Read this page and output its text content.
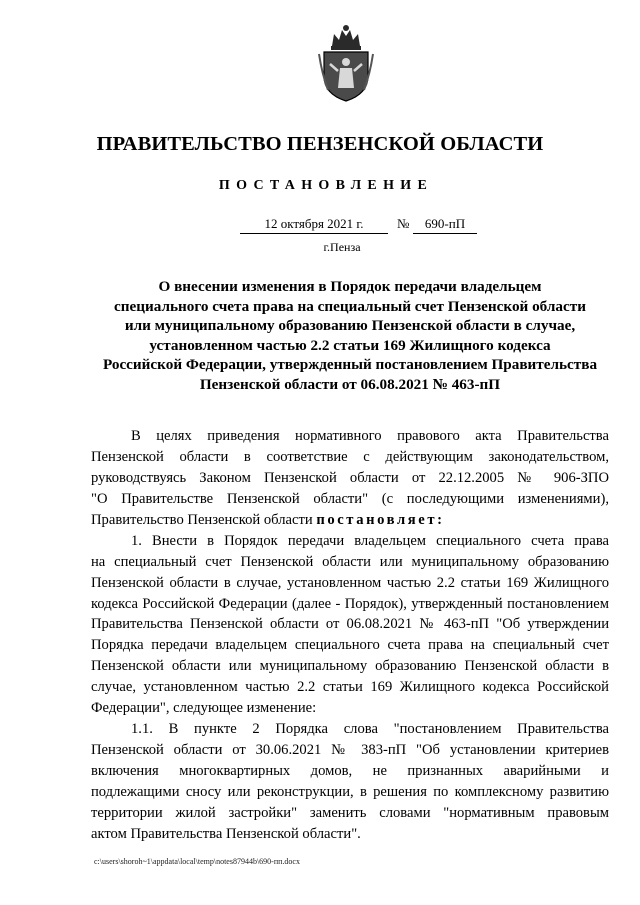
ПРАВИТЕЛЬСТВО ПЕНЗЕНСКОЙ ОБЛАСТИ
ПОСТАНОВЛЕНИЕ
12 октября 2021 г.	№	690-пП
г.Пенза
О внесении изменения в Порядок передачи владельцем
специального счета права на специальный счет Пензенской области
или муниципальному образованию Пензенской области в случае,
установленном частью 2.2 статьи 169 Жилищного кодекса
Российской Федерации, утвержденный постановлением Правительства
Пензенской области от 06.08.2021 № 463-пП
В целях приведения нормативного правового акта Правительства
Пензенской области в соответствие с действующим законодательством,
руководствуясь Законом Пензенской области от 22.12.2005 № 906-ЗПО
"О Правительстве Пензенской области" (с последующими изменениями),
Правительство Пензенской области постановляет:
1. Внести в Порядок передачи владельцем специального счета права
на специальный счет Пензенской области или муниципальному образованию
Пензенской области в случае, установленном частью 2.2 статьи 169 Жилищного
кодекса Российской Федерации (далее - Порядок), утвержденный постановлением
Правительства Пензенской области от 06.08.2021 № 463-пП "Об утверждении
Порядка передачи владельцем специального счета права на специальный счет
Пензенской области или муниципальному образованию Пензенской области в
случае, установленном частью 2.2 статьи 169 Жилищного кодекса Российской
Федерации", следующее изменение:
1.1. В пункте 2 Порядка слова "постановлением Правительства
Пензенской области от 30.06.2021 № 383-пП "Об установлении критериев
включения многоквартирных домов, не признанных аварийными и
подлежащими сносу или реконструкции, в решения по комплексному развитию
территории жилой застройки" заменить словами "нормативным правовым
актом Правительства Пензенской области".
c:\users\shoroh~1\appdata\local\temp\notes87944b\690-пп.docx
